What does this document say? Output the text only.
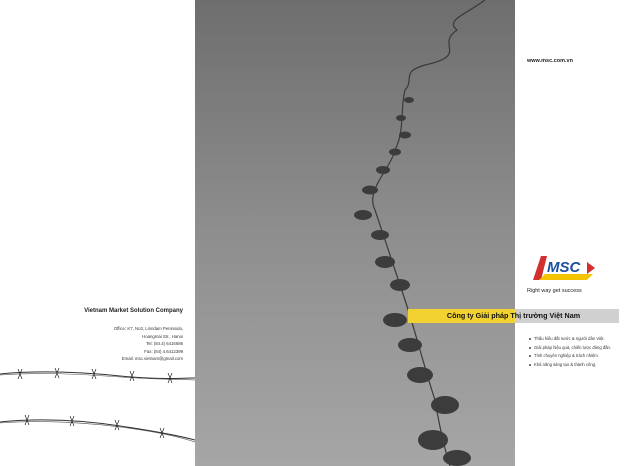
Vietnam Market Solution Company
Office: K7, No3, Linndam Peninsula,
Hoangmai Str., Hanoi
Tel: (84.4) 6416686
Fax: (84) 4.6412399
Email: msc.vietnam@gmail.com
www.msc.com.vn
MSC
Right way get success
Công ty Giải pháp Thị trường Việt Nam
Thấu hiểu đất nước & người dân Việt.
Giải pháp hiệu quả, chiến lược đúng đắn.
Tính chuyên nghiệp & trách nhiệm.
Khả năng sáng tạo & thành công.
